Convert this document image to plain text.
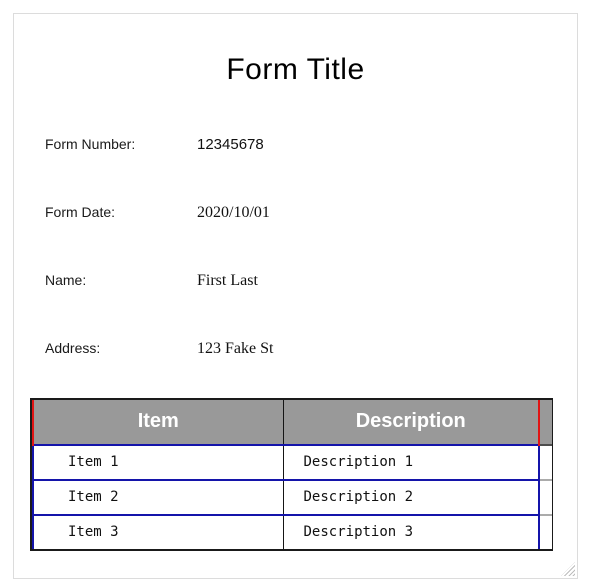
Form Title
Form Number:	12345678
Form Date:	2020/10/01
Name:	First Last
Address:	123 Fake St
Item	Description	
Item 1	Description 1	
Item 2	Description 2	
Item 3	Description 3	
